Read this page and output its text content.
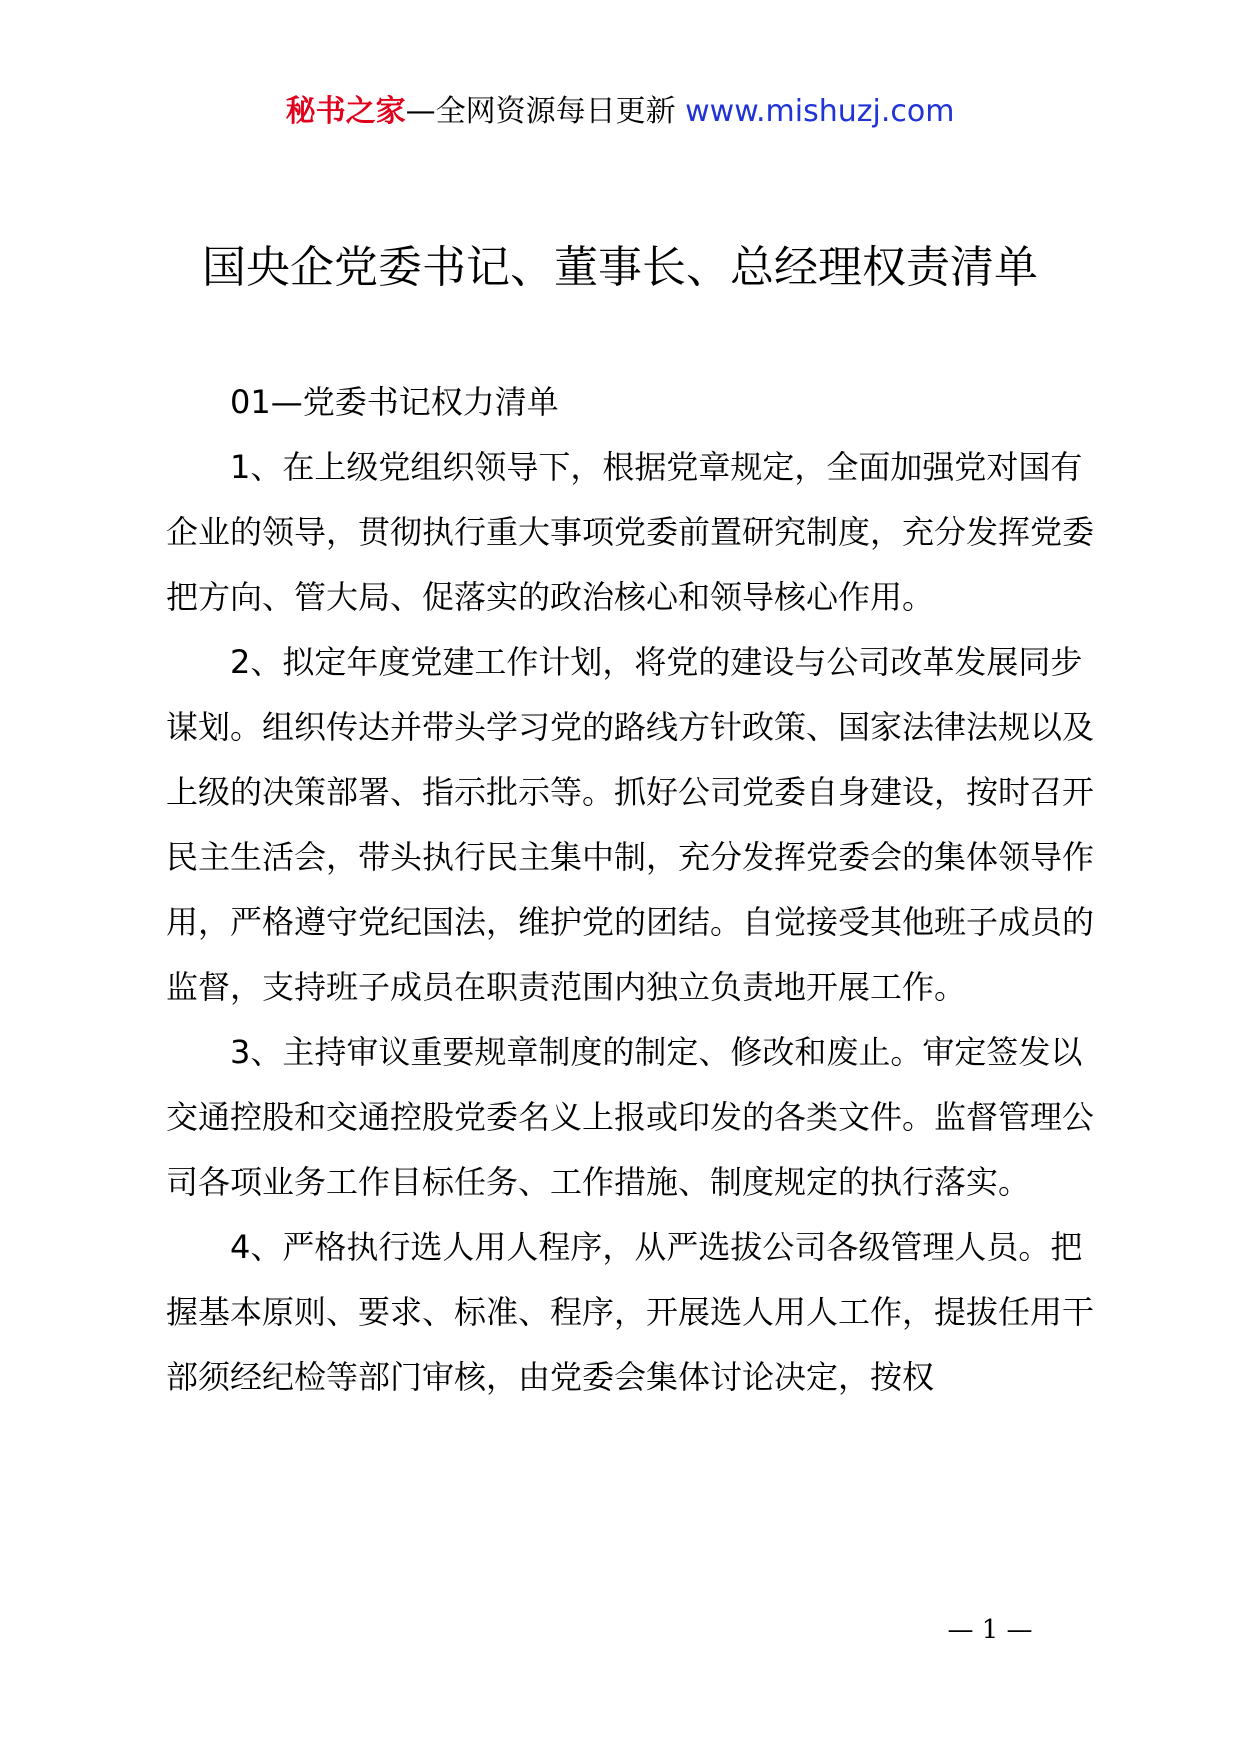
秘书之家—全网资源每日更新 www.mishuzj.com
国央企党委书记、董事长、总经理权责清单

01—党委书记权力清单

1、在上级党组织领导下，根据党章规定，全面加强党对国有企业的领导，贯彻执行重大事项党委前置研究制度，充分发挥党委把方向、管大局、促落实的政治核心和领导核心作用。

2、拟定年度党建工作计划，将党的建设与公司改革发展同步谋划。组织传达并带头学习党的路线方针政策、国家法律法规以及上级的决策部署、指示批示等。抓好公司党委自身建设，按时召开民主生活会，带头执行民主集中制，充分发挥党委会的集体领导作用，严格遵守党纪国法，维护党的团结。自觉接受其他班子成员的监督，支持班子成员在职责范围内独立负责地开展工作。

3、主持审议重要规章制度的制定、修改和废止。审定签发以交通控股和交通控股党委名义上报或印发的各类文件。监督管理公司各项业务工作目标任务、工作措施、制度规定的执行落实。

4、严格执行选人用人程序，从严选拔公司各级管理人员。把握基本原则、要求、标准、程序，开展选人用人工作，提拔任用干部须经纪检等部门审核，由党委会集体讨论决定，按权

— 1 —
